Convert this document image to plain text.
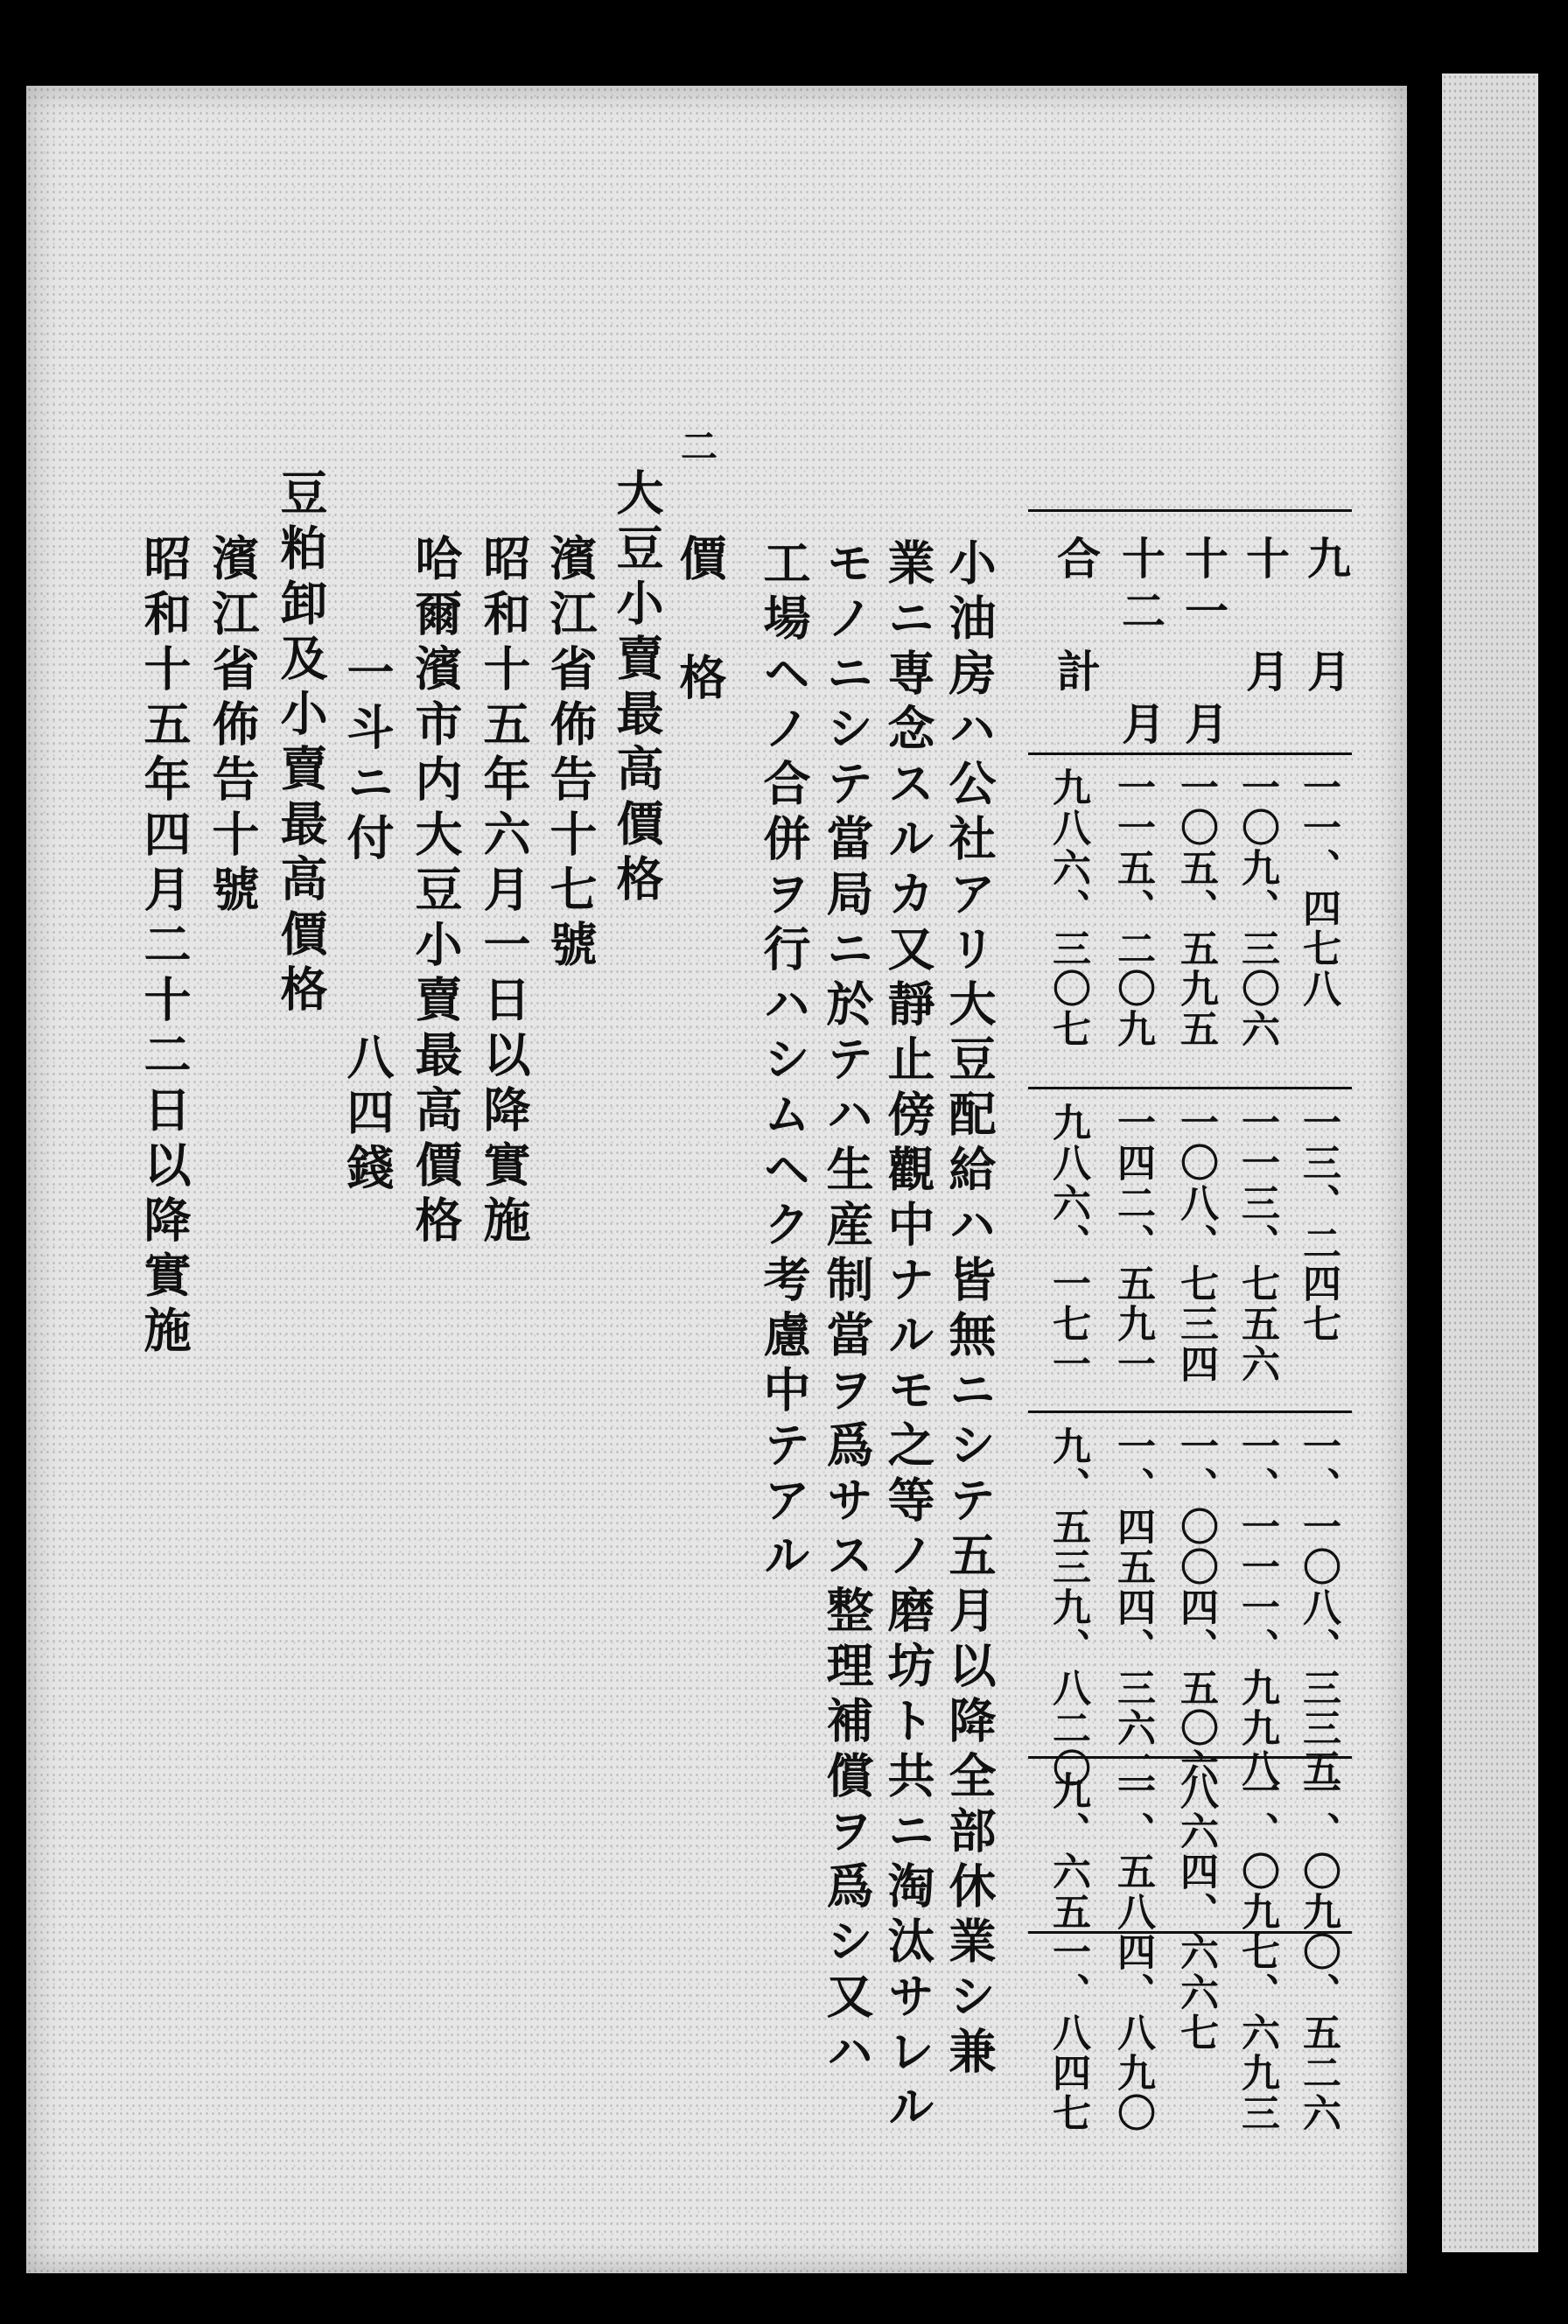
二
九 月
一一、四七八
一三、二四七
一、一〇八、三三五
一、〇九〇、五二六
十 月
一〇九、三〇六
一一三、七五六
一、一一一、九九八
一、〇九七、六九三
十一 月
一〇五、五九五
一〇八、七三四
一、〇〇四、五〇六
八六四、六六七
十二 月
一一五、二〇九
一四二、五九一
一、四五四、三六二
一、五八四、八九〇
合 計
九八六、三〇七
九八六、一七一
九、五三九、八二〇
九、六五一、八四七
小油房ハ公社アリ大豆配給ハ皆無ニシテ五月以降全部休業シ兼
業ニ専念スルカ又靜止傍觀中ナルモ之等ノ磨坊ト共ニ淘汰サレル
モノニシテ當局ニ於テハ生産制當ヲ爲サス整理補償ヲ爲シ又ハ
工場ヘノ合併ヲ行ハシムヘク考慮中テアル
價 格
大豆小賣最高價格
濱江省佈告十七號
昭和十五年六月一日以降實施
哈爾濱市内大豆小賣最高價格
一斗ニ付
八四錢
豆粕卸及小賣最高價格
濱江省佈告十號
昭和十五年四月二十二日以降實施
